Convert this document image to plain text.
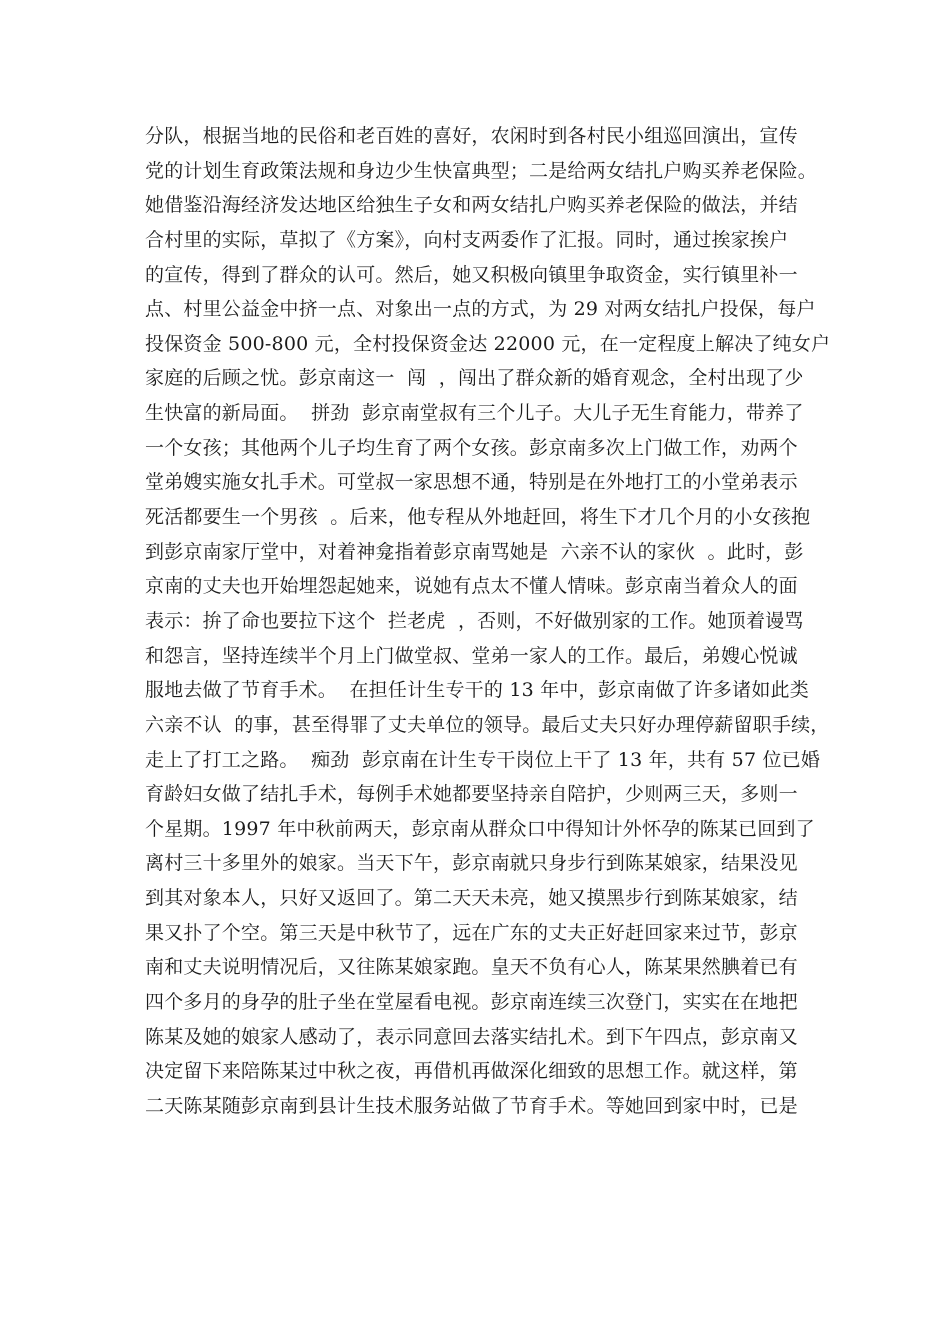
分队，根据当地的民俗和老百姓的喜好，农闲时到各村民小组巡回演出，宣传
党的计划生育政策法规和身边少生快富典型；二是给两女结扎户购买养老保险。
她借鉴沿海经济发达地区给独生子女和两女结扎户购买养老保险的做法，并结
合村里的实际，草拟了《方案》，向村支两委作了汇报。同时，通过挨家挨户
的宣传，得到了群众的认可。然后，她又积极向镇里争取资金，实行镇里补一
点、村里公益金中挤一点、对象出一点的方式，为 29 对两女结扎户投保，每户
投保资金 500-800 元，全村投保资金达 22000 元，在一定程度上解决了纯女户
家庭的后顾之忧。彭京南这一  闯  ，闯出了群众新的婚育观念，全村出现了少
生快富的新局面。  拼劲  彭京南堂叔有三个儿子。大儿子无生育能力，带养了
一个女孩；其他两个儿子均生育了两个女孩。彭京南多次上门做工作，劝两个
堂弟嫂实施女扎手术。可堂叔一家思想不通，特别是在外地打工的小堂弟表示
死活都要生一个男孩  。后来，他专程从外地赶回，将生下才几个月的小女孩抱
到彭京南家厅堂中，对着神龛指着彭京南骂她是  六亲不认的家伙  。此时，彭
京南的丈夫也开始埋怨起她来，说她有点太不懂人情味。彭京南当着众人的面
表示：拚了命也要拉下这个  拦老虎  ，否则，不好做别家的工作。她顶着谩骂
和怨言，坚持连续半个月上门做堂叔、堂弟一家人的工作。最后，弟嫂心悦诚
服地去做了节育手术。  在担任计生专干的 13 年中，彭京南做了许多诸如此类
六亲不认  的事，甚至得罪了丈夫单位的领导。最后丈夫只好办理停薪留职手续，
走上了打工之路。  痴劲  彭京南在计生专干岗位上干了 13 年，共有 57 位已婚
育龄妇女做了结扎手术，每例手术她都要坚持亲自陪护，少则两三天，多则一
个星期。1997 年中秋前两天，彭京南从群众口中得知计外怀孕的陈某已回到了
离村三十多里外的娘家。当天下午，彭京南就只身步行到陈某娘家，结果没见
到其对象本人，只好又返回了。第二天天未亮，她又摸黑步行到陈某娘家，结
果又扑了个空。第三天是中秋节了，远在广东的丈夫正好赶回家来过节，彭京
南和丈夫说明情况后，又往陈某娘家跑。皇天不负有心人，陈某果然腆着已有
四个多月的身孕的肚子坐在堂屋看电视。彭京南连续三次登门，实实在在地把
陈某及她的娘家人感动了，表示同意回去落实结扎术。到下午四点，彭京南又
决定留下来陪陈某过中秋之夜，再借机再做深化细致的思想工作。就这样，第
二天陈某随彭京南到县计生技术服务站做了节育手术。等她回到家中时，已是
